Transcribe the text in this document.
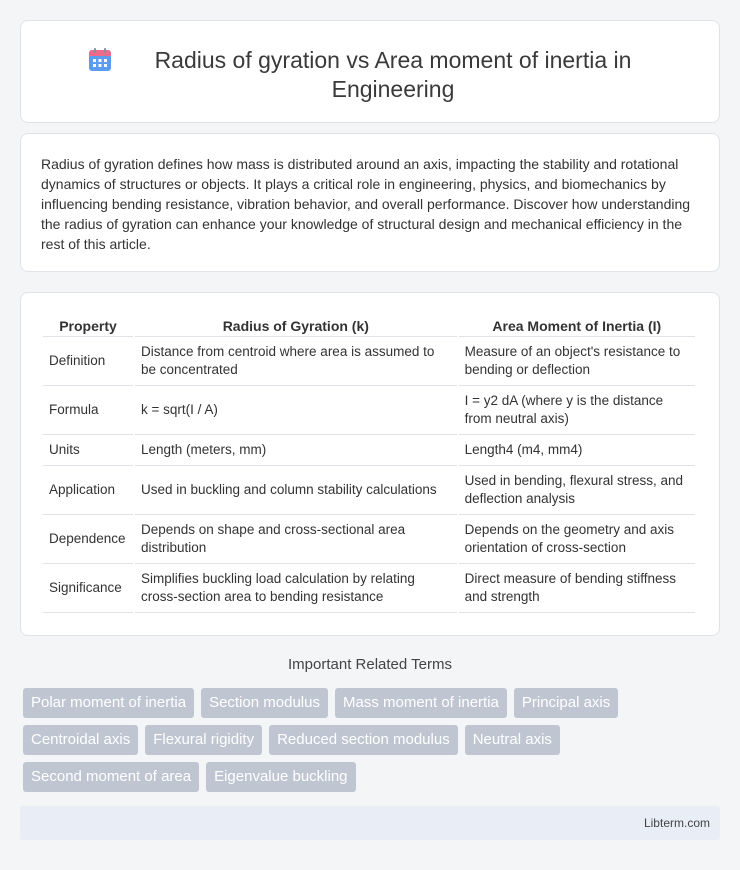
Radius of gyration vs Area moment of inertia in Engineering

Radius of gyration defines how mass is distributed around an axis, impacting the stability and rotational dynamics of structures or objects. It plays a critical role in engineering, physics, and biomechanics by influencing bending resistance, vibration behavior, and overall performance. Discover how understanding the radius of gyration can enhance your knowledge of structural design and mechanical efficiency in the rest of this article.

Property	Radius of Gyration (k)	Area Moment of Inertia (I)
Definition	Distance from centroid where area is assumed to be concentrated	Measure of an object's resistance to bending or deflection
Formula	k = sqrt(I / A)	I = y2 dA (where y is the distance from neutral axis)
Units	Length (meters, mm)	Length4 (m4, mm4)
Application	Used in buckling and column stability calculations	Used in bending, flexural stress, and deflection analysis
Dependence	Depends on shape and cross-sectional area distribution	Depends on the geometry and axis orientation of cross-section
Significance	Simplifies buckling load calculation by relating cross-section area to bending resistance	Direct measure of bending stiffness and strength
Important Related Terms
Polar moment of inertia	Section modulus	Mass moment of inertia	Principal axis
Centroidal axis	Flexural rigidity	Reduced section modulus	Neutral axis
Second moment of area	Eigenvalue buckling
Libterm.com
